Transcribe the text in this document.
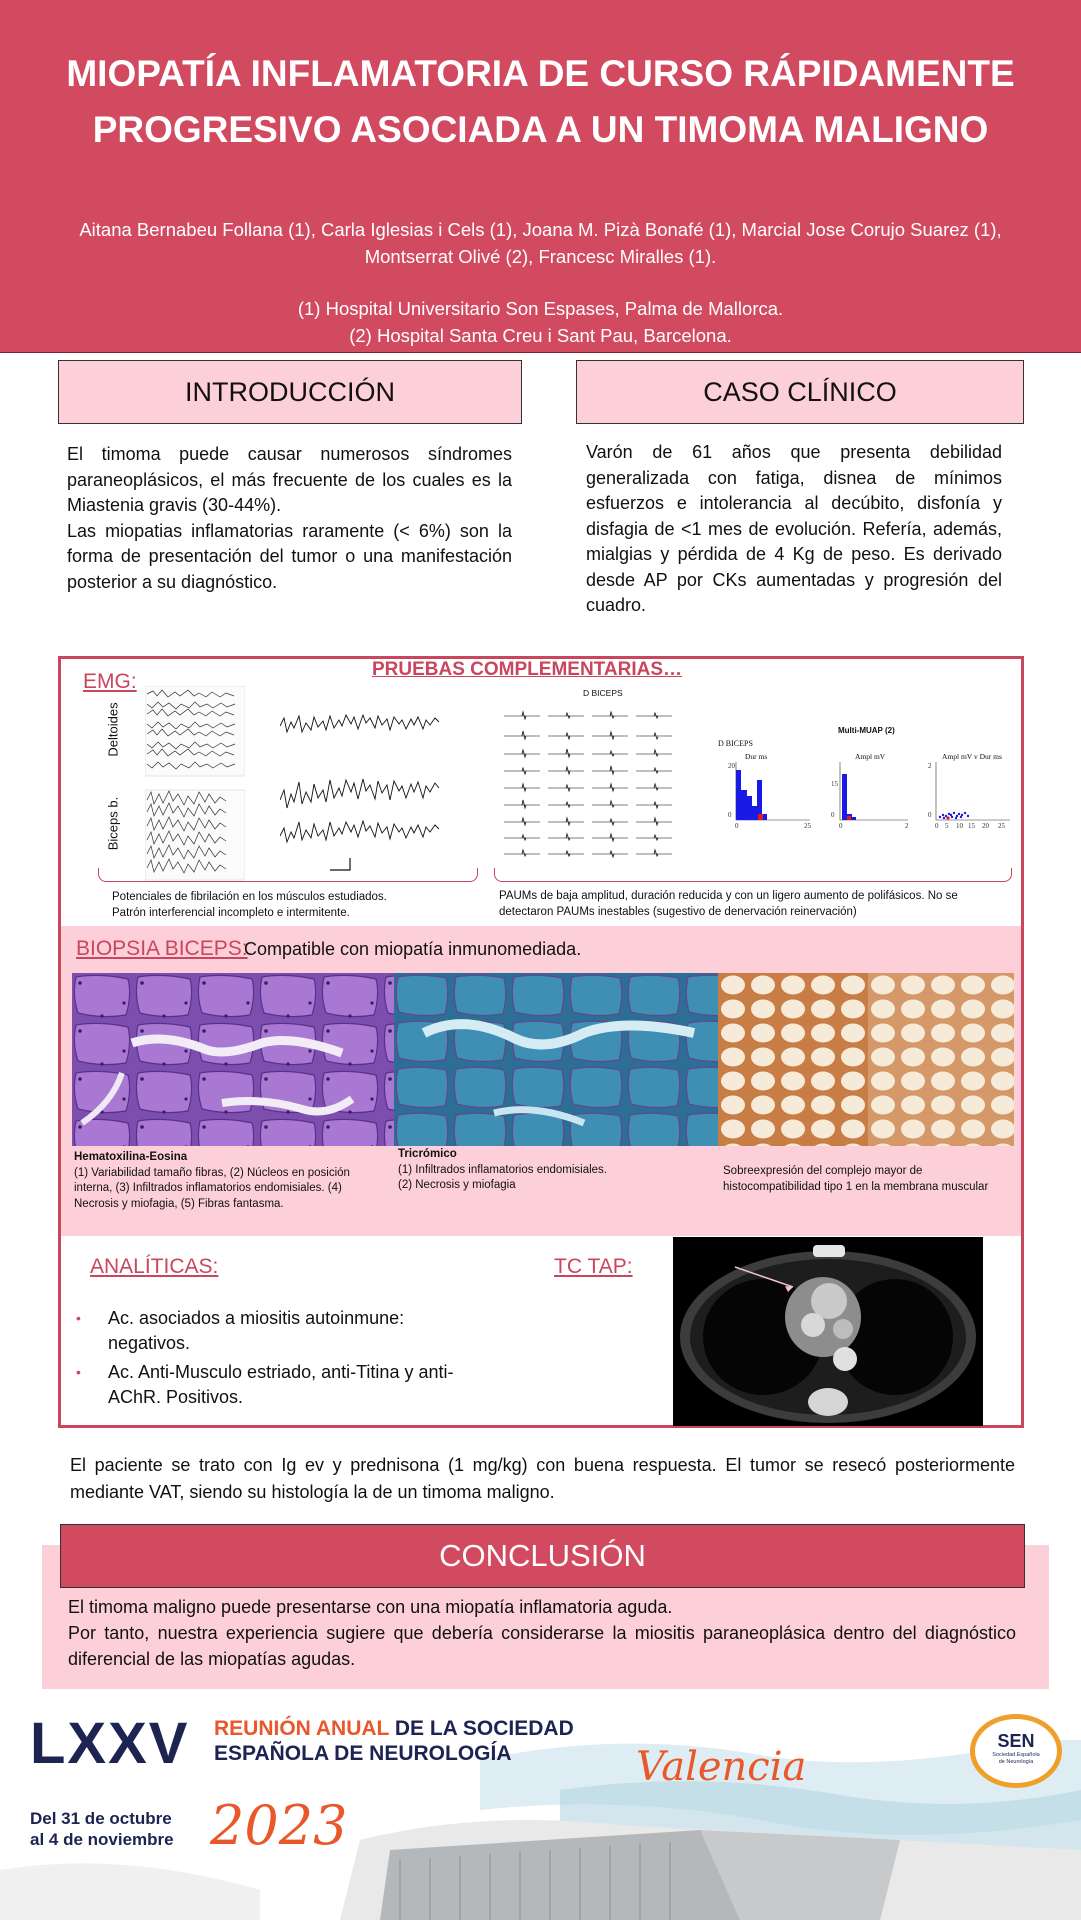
MIOPATÍA INFLAMATORIA DE CURSO RÁPIDAMENTE
PROGRESIVO ASOCIADA A UN TIMOMA MALIGNO
Aitana Bernabeu Follana (1), Carla Iglesias i Cels (1), Joana M. Pizà Bonafé (1), Marcial Jose Corujo Suarez (1),
Montserrat Olivé (2), Francesc Miralles (1).
(1) Hospital Universitario Son Espases, Palma de Mallorca.
(2) Hospital Santa Creu i Sant Pau, Barcelona.
INTRODUCCIÓN
El timoma puede causar numerosos síndromes paraneoplásicos, el más frecuente de los cuales es la Miastenia gravis (30-44%).
Las miopatias inflamatorias raramente (< 6%) son la forma de presentación del tumor o una manifestación posterior a su diagnóstico.
CASO CLÍNICO
Varón de 61 años que presenta debilidad generalizada con fatiga, disnea de mínimos esfuerzos e intolerancia al decúbito, disfonía y disfagia de <1 mes de evolución. Refería, además, mialgias y pérdida de 4 Kg de peso. Es derivado desde AP por CKs aumentadas y progresión del cuadro.
PRUEBAS COMPLEMENTARIAS…
EMG:
Deltoides
Biceps b.
D BICEPS
Multi-MUAP (2)
D BICEPS
Dur ms	Ampl mV	Ampl mV v Dur ms
20
0
0	25
15
0
0	2
2
0
0 5 10 15 20 25
Potenciales de fibrilación en los músculos estudiados.
Patrón interferencial incompleto e intermitente.
PAUMs de baja amplitud, duración reducida y con un ligero aumento de polifásicos. No se
detectaron PAUMs inestables (sugestivo de denervación reinervación)
BIOPSIA BICEPS:
Compatible con miopatía inmunomediada.
Hematoxilina-Eosina
(1) Variabilidad tamaño fibras, (2) Núcleos en posición interna, (3) Infiltrados inflamatorios endomisiales. (4) Necrosis y miofagia, (5) Fibras fantasma.
Tricrómico
(1) Infiltrados inflamatorios endomisiales.
(2) Necrosis y miofagia
Sobreexpresión del complejo mayor de histocompatibilidad tipo 1 en la membrana muscular
ANALÍTICAS:
• Ac. asociados a miositis autoinmune: negativos.
• Ac. Anti-Musculo estriado, anti-Titina y anti-AChR. Positivos.
TC TAP:
El paciente se trato con Ig ev y prednisona (1 mg/kg) con buena respuesta. El tumor se resecó posteriormente mediante VAT, siendo su histología la de un timoma maligno.
CONCLUSIÓN
El timoma maligno puede presentarse con una miopatía inflamatoria aguda.
Por tanto, nuestra experiencia sugiere que debería considerarse la miositis paraneoplásica dentro del diagnóstico diferencial de las miopatías agudas.
LXXV REUNIÓN ANUAL DE LA SOCIEDAD
ESPAÑOLA DE NEUROLOGÍA
Del 31 de octubre
al 4 de noviembre 2023
Valencia
SEN
Sociedad Española
de Neurología
